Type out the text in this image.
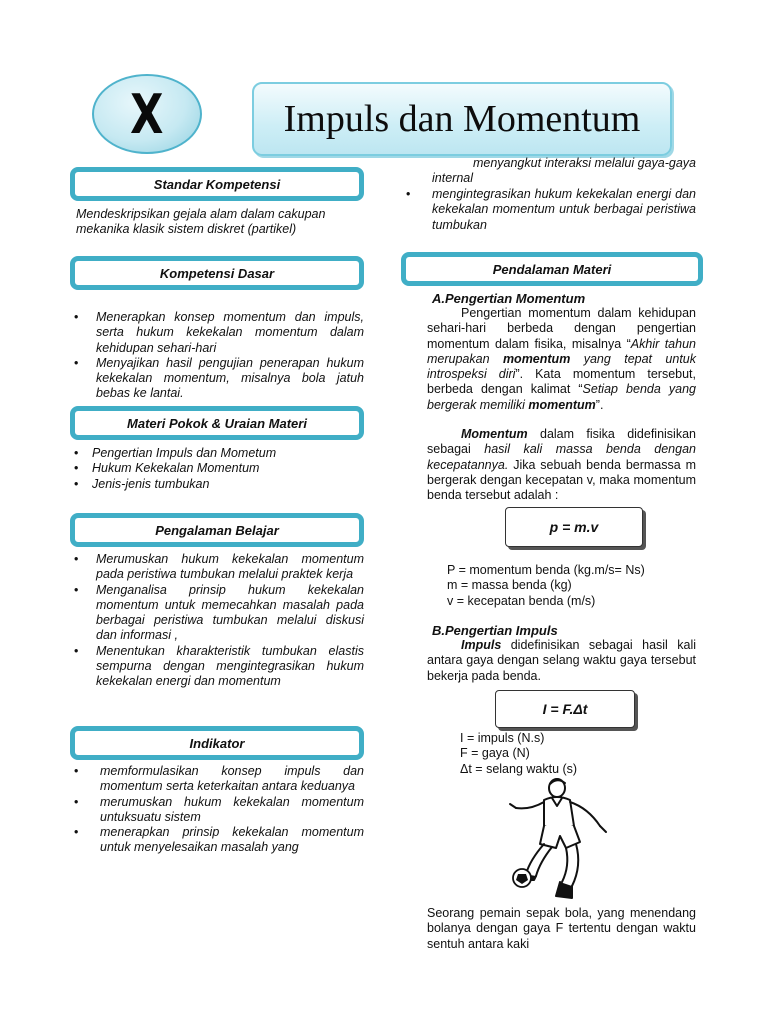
X	Impuls dan Momentum
Standar Kompetensi
Mendeskripsikan gejala alam dalam cakupan mekanika klasik sistem diskret (partikel)
Kompetensi Dasar
• Menerapkan konsep momentum dan impuls, serta hukum kekekalan momentum dalam kehidupan sehari-hari
• Menyajikan hasil pengujian penerapan hukum kekekalan momentum, misalnya bola jatuh bebas ke lantai.
Materi Pokok & Uraian Materi
• Pengertian Impuls dan Mometum
• Hukum Kekekalan Momentum
• Jenis-jenis tumbukan
Pengalaman Belajar
• Merumuskan hukum kekekalan momentum pada peristiwa tumbukan melalui praktek kerja
• Menganalisa prinsip hukum kekekalan momentum untuk memecahkan masalah pada berbagai peristiwa tumbukan melalui diskusi dan informasi ,
• Menentukan kharakteristik tumbukan elastis sempurna dengan mengintegrasikan hukum kekekalan energi dan momentum
Indikator
• memformulasikan konsep impuls dan momentum serta keterkaitan antara keduanya
• merumuskan hukum kekekalan momentum untuksuatu sistem
• menerapkan prinsip kekekalan momentum untuk menyelesaikan masalah yang
menyangkut interaksi melalui gaya-gaya
internal
• mengintegrasikan hukum kekekalan energi dan kekekalan momentum untuk berbagai peristiwa tumbukan
Pendalaman Materi
A.Pengertian Momentum
Pengertian momentum dalam kehidupan sehari-hari berbeda dengan pengertian momentum dalam fisika, misalnya “Akhir tahun merupakan momentum yang tepat untuk introspeksi diri”. Kata momentum tersebut, berbeda dengan kalimat “Setiap benda yang bergerak memiliki momentum”.
Momentum dalam fisika didefinisikan sebagai hasil kali massa benda dengan kecepatannya. Jika sebuah benda bermassa m bergerak dengan kecepatan v, maka momentum benda tersebut adalah :
p = m.v
P = momentum benda (kg.m/s= Ns)
m = massa benda (kg)
v = kecepatan benda (m/s)
B.Pengertian Impuls
Impuls didefinisikan sebagai hasil kali antara gaya dengan selang waktu gaya tersebut bekerja pada benda.
I = F.Δt
I = impuls (N.s)
F = gaya (N)
Δt = selang waktu (s)
Seorang pemain sepak bola, yang menendang bolanya dengan gaya F tertentu dengan waktu sentuh antara kaki
